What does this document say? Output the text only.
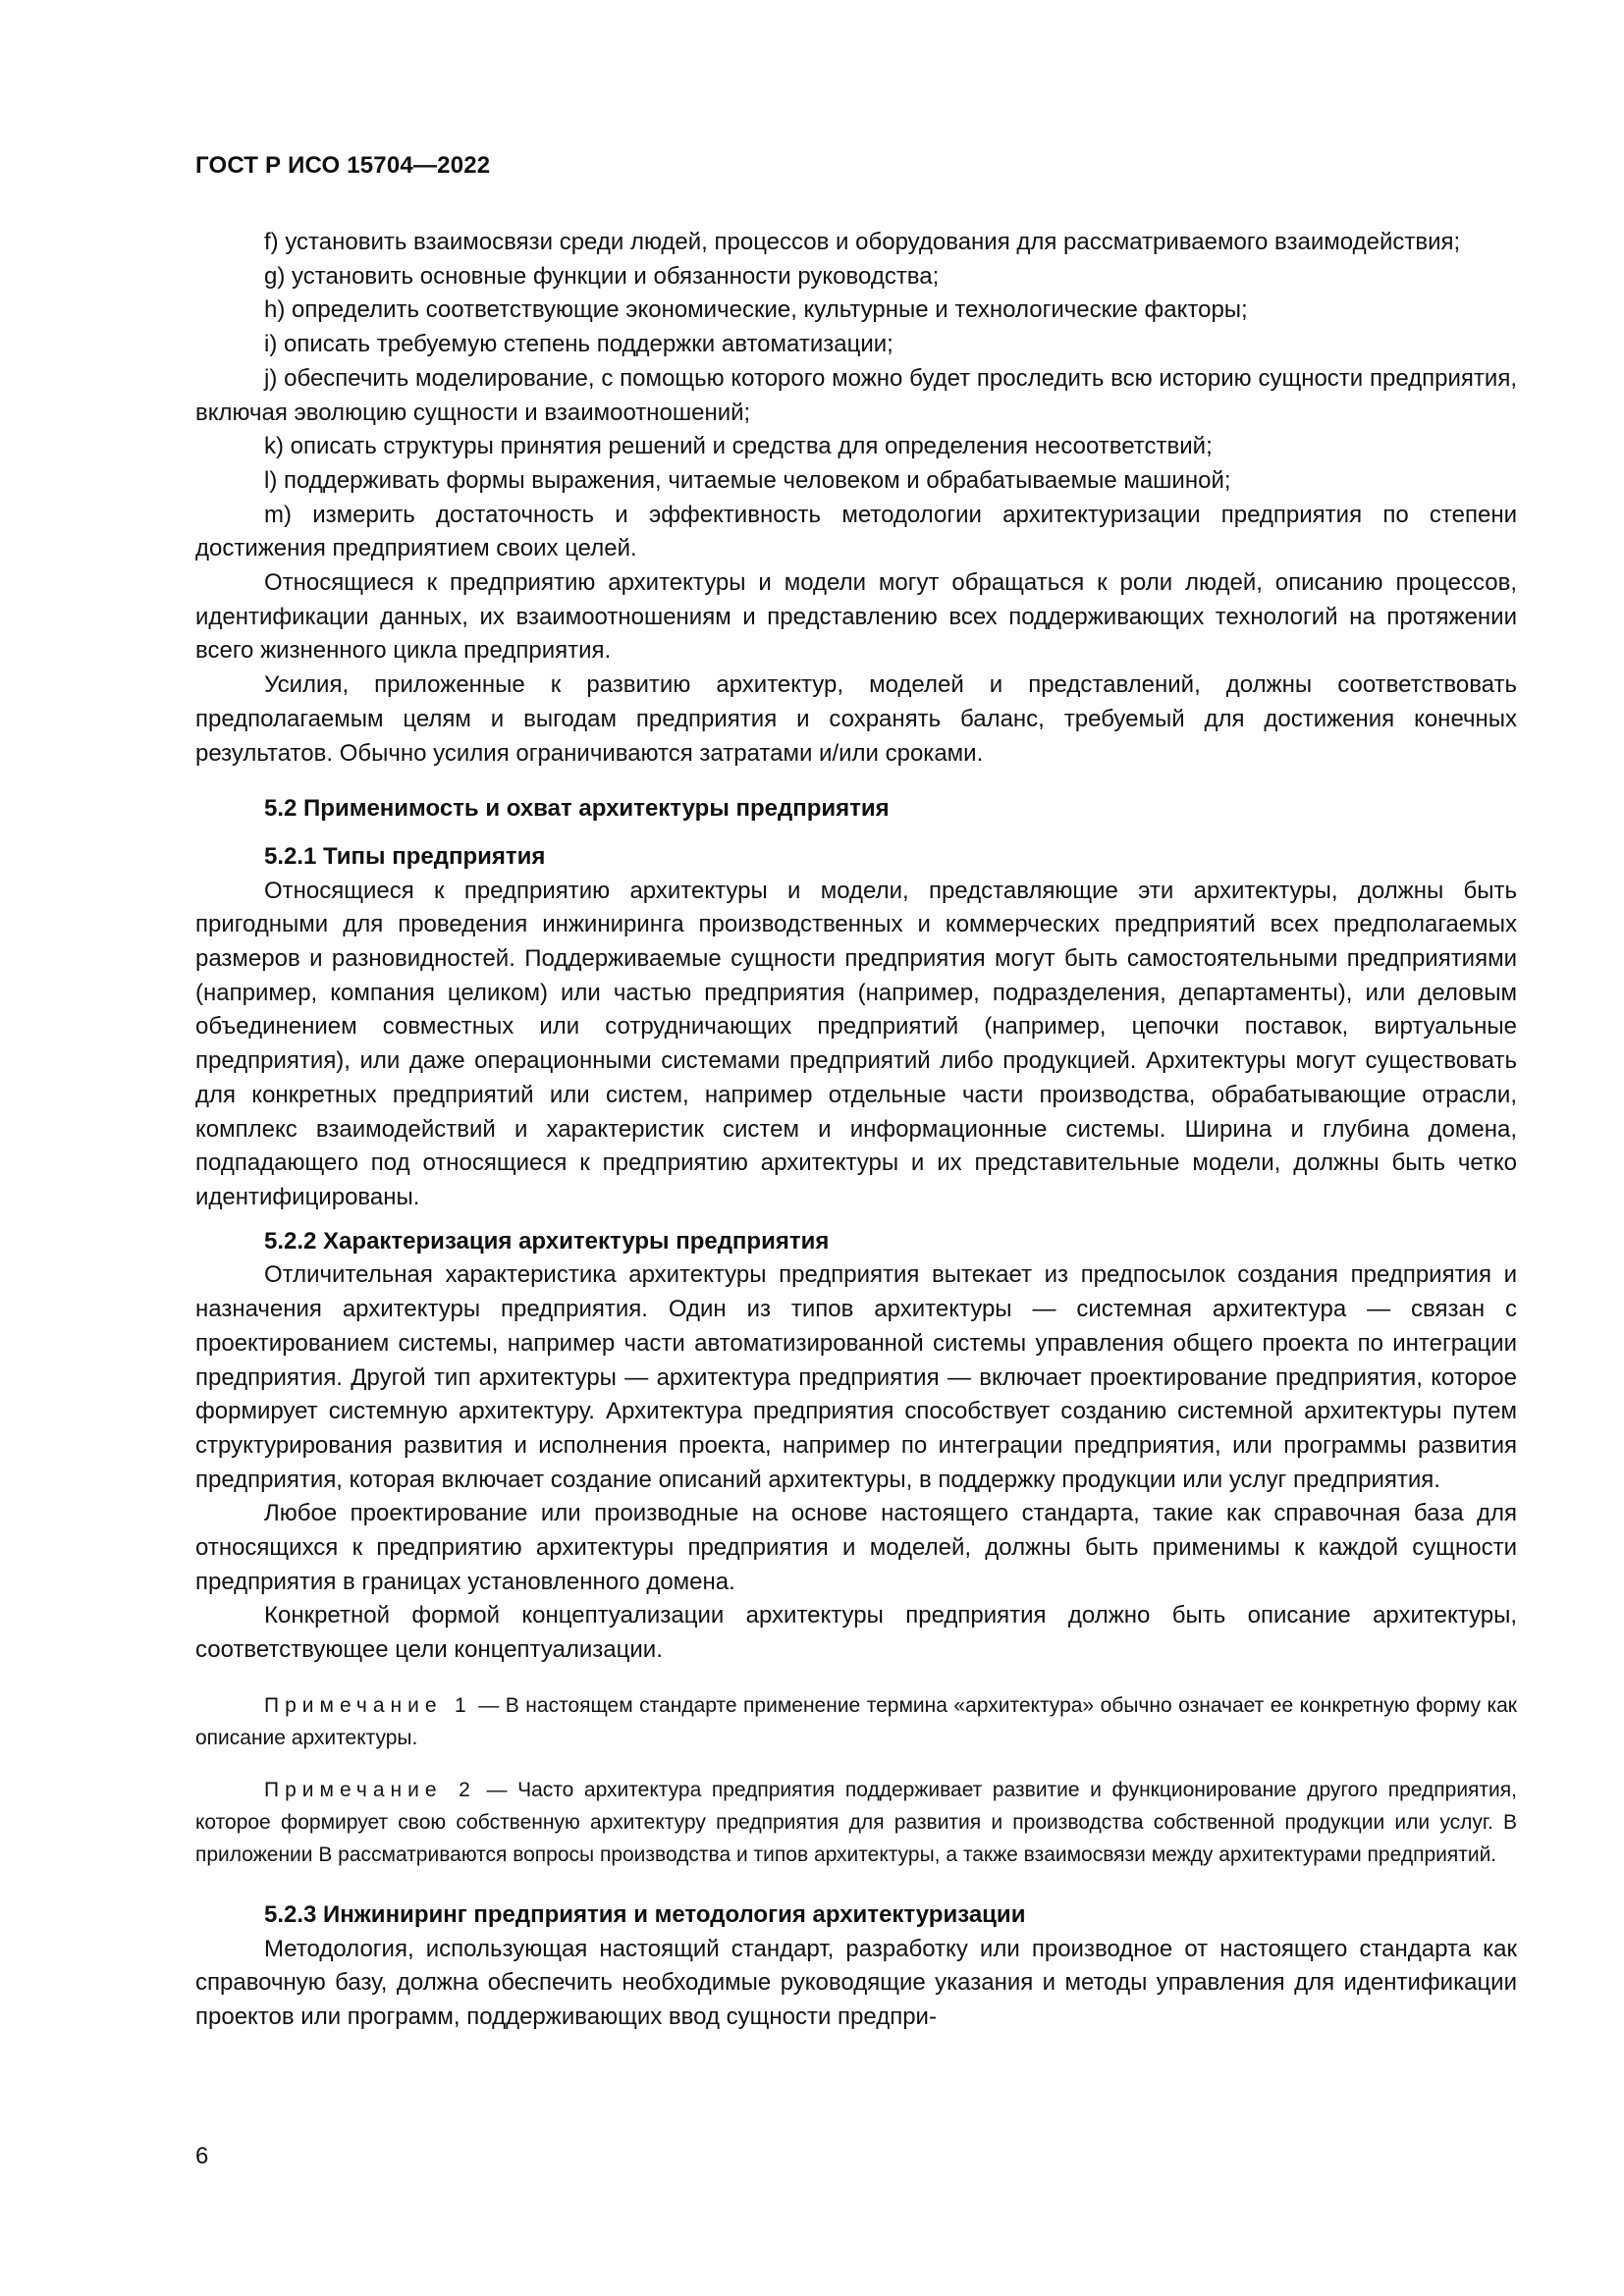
ГОСТ Р ИСО 15704—2022

f) установить взаимосвязи среди людей, процессов и оборудования для рассматриваемого взаимодействия;

g) установить основные функции и обязанности руководства;

h) определить соответствующие экономические, культурные и технологические факторы;

i) описать требуемую степень поддержки автоматизации;

j) обеспечить моделирование, с помощью которого можно будет проследить всю историю сущности предприятия, включая эволюцию сущности и взаимоотношений;

k) описать структуры принятия решений и средства для определения несоответствий;

l) поддерживать формы выражения, читаемые человеком и обрабатываемые машиной;

m) измерить достаточность и эффективность методологии архитектуризации предприятия по степени достижения предприятием своих целей.

Относящиеся к предприятию архитектуры и модели могут обращаться к роли людей, описанию процессов, идентификации данных, их взаимоотношениям и представлению всех поддерживающих технологий на протяжении всего жизненного цикла предприятия.

Усилия, приложенные к развитию архитектур, моделей и представлений, должны соответствовать предполагаемым целям и выгодам предприятия и сохранять баланс, требуемый для достижения конечных результатов. Обычно усилия ограничиваются затратами и/или сроками.

5.2 Применимость и охват архитектуры предприятия

5.2.1 Типы предприятия

Относящиеся к предприятию архитектуры и модели, представляющие эти архитектуры, должны быть пригодными для проведения инжиниринга производственных и коммерческих предприятий всех предполагаемых размеров и разновидностей. Поддерживаемые сущности предприятия могут быть самостоятельными предприятиями (например, компания целиком) или частью предприятия (например, подразделения, департаменты), или деловым объединением совместных или сотрудничающих предприятий (например, цепочки поставок, виртуальные предприятия), или даже операционными системами предприятий либо продукцией. Архитектуры могут существовать для конкретных предприятий или систем, например отдельные части производства, обрабатывающие отрасли, комплекс взаимодействий и характеристик систем и информационные системы. Ширина и глубина домена, подпадающего под относящиеся к предприятию архитектуры и их представительные модели, должны быть четко идентифицированы.

5.2.2 Характеризация архитектуры предприятия

Отличительная характеристика архитектуры предприятия вытекает из предпосылок создания предприятия и назначения архитектуры предприятия. Один из типов архитектуры — системная архитектура — связан с проектированием системы, например части автоматизированной системы управления общего проекта по интеграции предприятия. Другой тип архитектуры — архитектура предприятия — включает проектирование предприятия, которое формирует системную архитектуру. Архитектура предприятия способствует созданию системной архитектуры путем структурирования развития и исполнения проекта, например по интеграции предприятия, или программы развития предприятия, которая включает создание описаний архитектуры, в поддержку продукции или услуг предприятия.

Любое проектирование или производные на основе настоящего стандарта, такие как справочная база для относящихся к предприятию архитектуры предприятия и моделей, должны быть применимы к каждой сущности предприятия в границах установленного домена.

Конкретной формой концептуализации архитектуры предприятия должно быть описание архитектуры, соответствующее цели концептуализации.

Примечание 1 — В настоящем стандарте применение термина «архитектура» обычно означает ее конкретную форму как описание архитектуры.

Примечание 2 — Часто архитектура предприятия поддерживает развитие и функционирование другого предприятия, которое формирует свою собственную архитектуру предприятия для развития и производства собственной продукции или услуг. В приложении В рассматриваются вопросы производства и типов архитектуры, а также взаимосвязи между архитектурами предприятий.

5.2.3 Инжиниринг предприятия и методология архитектуризации

Методология, использующая настоящий стандарт, разработку или производное от настоящего стандарта как справочную базу, должна обеспечить необходимые руководящие указания и методы управления для идентификации проектов или программ, поддерживающих ввод сущности предпри-

6
